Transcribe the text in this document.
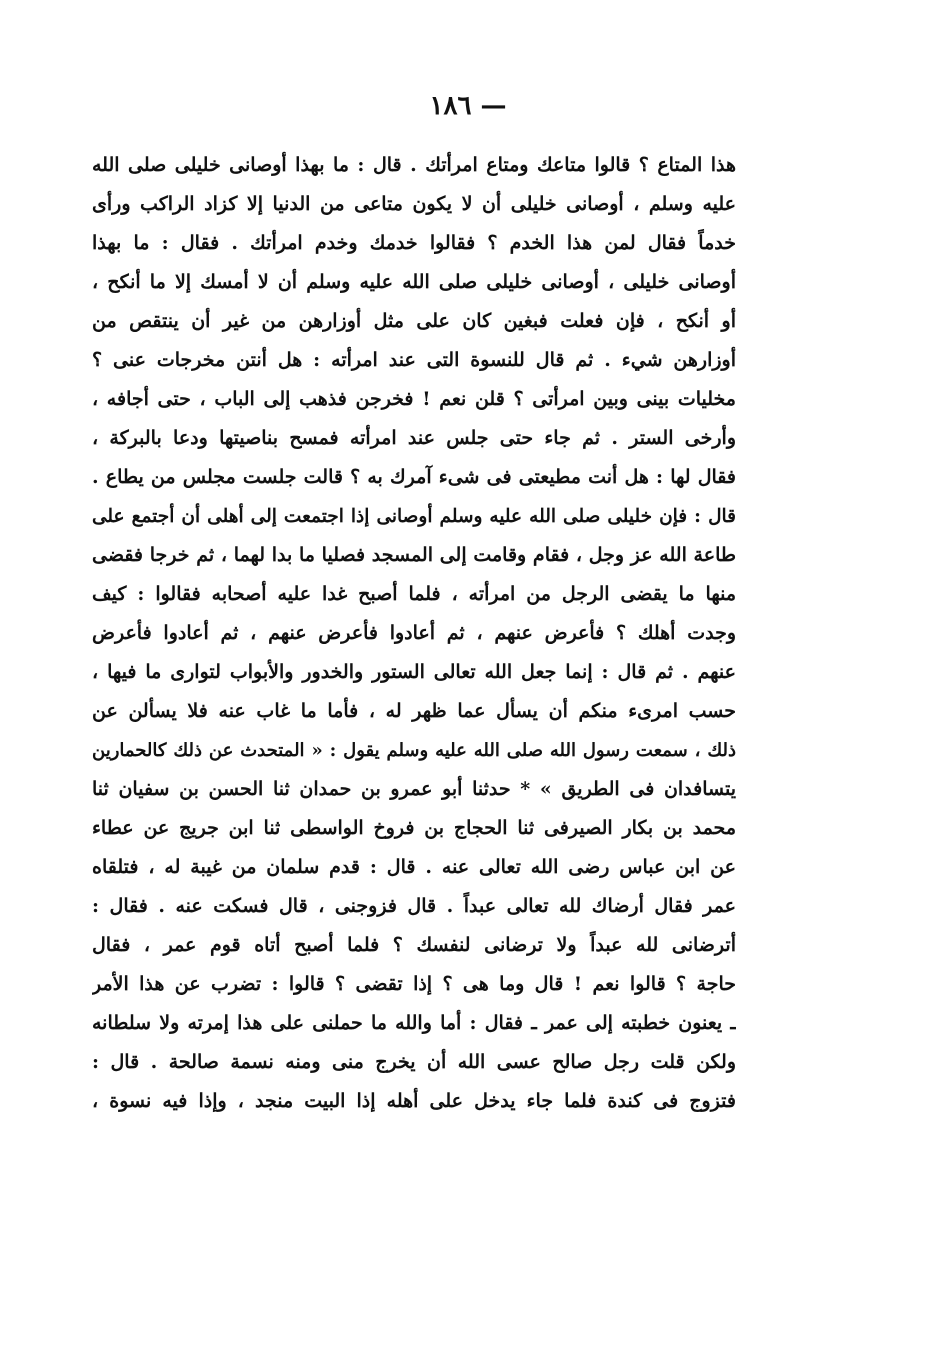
— ١٨٦
هذا المتاع ؟ قالوا متاعك ومتاع امرأتك . قال : ما بهذا أوصانى خليلى صلى الله
عليه وسلم ، أوصانى خليلى أن لا يكون متاعى من الدنيا إلا كزاد الراكب ورأى
خدماً فقال لمن هذا الخدم ؟ فقالوا خدمك وخدم امرأتك . فقال : ما بهذا
أوصانى خليلى ، أوصانى خليلى صلى الله عليه وسلم أن لا أمسك إلا ما أنكح ،
أو أنكح ، فإن فعلت فبغين كان على مثل أوزارهن من غير أن ينتقص من
أوزارهن شيء . ثم قال للنسوة التى عند امرأته : هل أنتن مخرجات عنى ؟
مخليات بينى وبين امرأتى ؟ قلن نعم ! فخرجن فذهب إلى الباب ، حتى أجافه ،
وأرخى الستر . ثم جاء حتى جلس عند امرأته فمسح بناصيتها ودعا بالبركة ،
فقال لها : هل أنت مطيعتى فى شىء آمرك به ؟ قالت جلست مجلس من يطاع .
قال : فإن خليلى صلى الله عليه وسلم أوصانى إذا اجتمعت إلى أهلى أن أجتمع على
طاعة الله عز وجل ، فقام وقامت إلى المسجد فصليا ما بدا لهما ، ثم خرجا فقضى
منها ما يقضى الرجل من امرأته ، فلما أصبح غدا عليه أصحابه فقالوا : كيف
وجدت أهلك ؟ فأعرض عنهم ، ثم أعادوا فأعرض عنهم ، ثم أعادوا فأعرض
عنهم . ثم قال : إنما جعل الله تعالى الستور والخدور والأبواب لتوارى ما فيها ،
حسب امرىء منكم أن يسأل عما ظهر له ، فأما ما غاب عنه فلا يسألن عن
ذلك ، سمعت رسول الله صلى الله عليه وسلم يقول : « المتحدث عن ذلك كالحمارين
يتسافدان فى الطريق » * حدثنا أبو عمرو بن حمدان ثنا الحسن بن سفيان ثنا
محمد بن بكار الصيرفى ثنا الحجاج بن فروخ الواسطى ثنا ابن جريج عن عطاء
عن ابن عباس رضى الله تعالى عنه . قال : قدم سلمان من غيبة له ، فتلقاه
عمر فقال أرضاك لله تعالى عبداً . قال فزوجنى ، قال فسكت عنه . فقال :
أترضانى لله عبداً ولا ترضانى لنفسك ؟ فلما أصبح أتاه قوم عمر ، فقال
حاجة ؟ قالوا نعم ! قال وما هى ؟ إذا تقضى ؟ قالوا : تضرب عن هذا الأمر
ـ يعنون خطبته إلى عمر ـ فقال : أما والله ما حملنى على هذا إمرته ولا سلطانه
ولكن قلت رجل صالح عسى الله أن يخرج منى ومنه نسمة صالحة . قال :
فتزوج فى كندة فلما جاء يدخل على أهله إذا البيت منجد ، وإذا فيه نسوة ،
